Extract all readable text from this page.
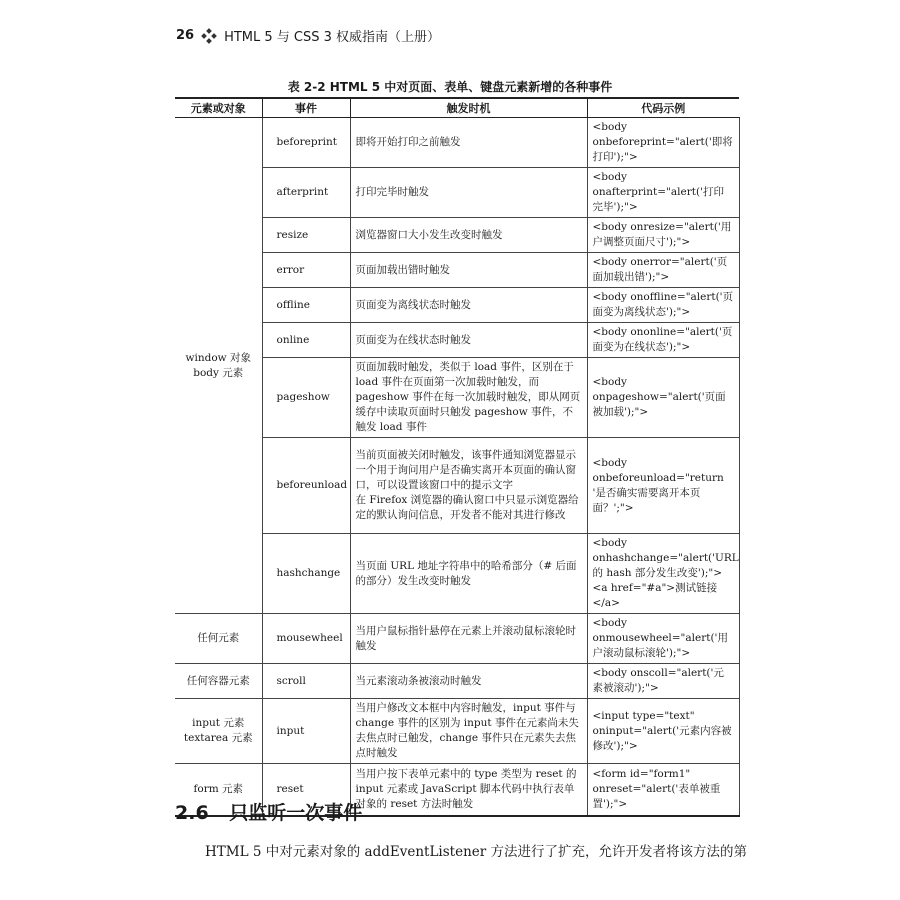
26 HTML 5 与 CSS 3 权威指南（上册）
表 2-2 HTML 5 中对页面、表单、键盘元素新增的各种事件
元素或对象	事件	触发时机	代码示例
window 对象
body 元素	beforeprint	即将开始打印之前触发	<body onbeforeprint="alert('即将打印');">
	afterprint	打印完毕时触发	<body onafterprint="alert('打印完毕');">
	resize	浏览器窗口大小发生改变时触发	<body onresize="alert('用户调整页面尺寸');">
	error	页面加载出错时触发	<body onerror="alert('页面加载出错');">
	offline	页面变为离线状态时触发	<body onoffline="alert('页面变为离线状态');">
	online	页面变为在线状态时触发	<body ononline="alert('页面变为在线状态');">
	pageshow	页面加载时触发，类似于 load 事件，区别在于 load 事件在页面第一次加载时触发，而 pageshow 事件在每一次加载时触发，即从网页缓存中读取页面时只触发 pageshow 事件，不触发 load 事件	<body onpageshow="alert('页面被加载');">
	beforeunload	当前页面被关闭时触发，该事件通知浏览器显示一个用于询问用户是否确实离开本页面的确认窗口，可以设置该窗口中的提示文字
在 Firefox 浏览器的确认窗口中只显示浏览器给定的默认询问信息，开发者不能对其进行修改	<body onbeforeunload="return '是否确实需要离开本页面？';">
	hashchange	当页面 URL 地址字符串中的哈希部分（# 后面的部分）发生改变时触发	<body onhashchange="alert('URL 的 hash 部分发生改变');">
<a href="#a">测试链接</a>
任何元素	mousewheel	当用户鼠标指针悬停在元素上并滚动鼠标滚轮时触发	<body onmousewheel="alert('用户滚动鼠标滚轮');">
任何容器元素	scroll	当元素滚动条被滚动时触发	<body onscoll="alert('元素被滚动');">
input 元素
textarea 元素	input	当用户修改文本框中内容时触发，input 事件与 change 事件的区别为 input 事件在元素尚未失去焦点时已触发，change 事件只在元素失去焦点时触发	<input type="text" oninput="alert('元素内容被修改');">
form 元素	reset	当用户按下表单元素中的 type 类型为 reset 的 input 元素或 JavaScript 脚本代码中执行表单对象的 reset 方法时触发	<form id="form1" onreset="alert('表单被重置');">
2.6 只监听一次事件
HTML 5 中对元素对象的 addEventListener 方法进行了扩充，允许开发者将该方法的第
